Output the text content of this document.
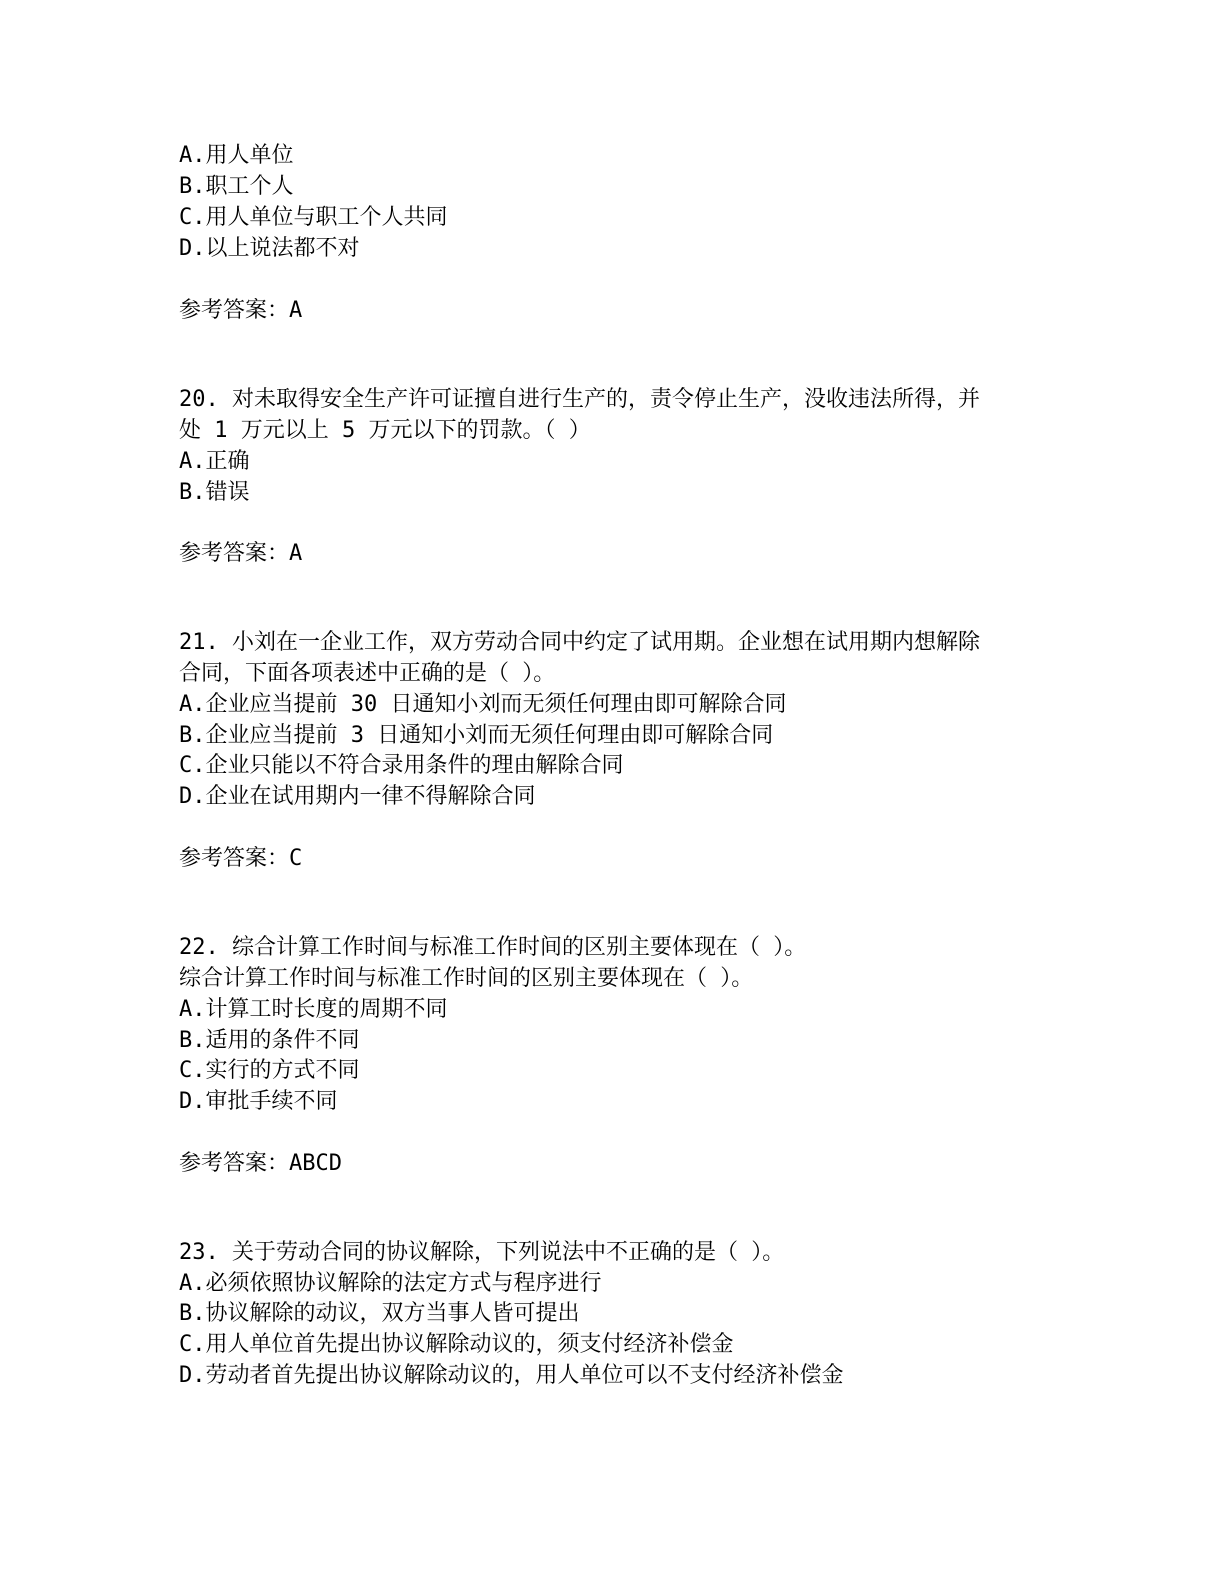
A.用人单位
B.职工个人
C.用人单位与职工个人共同
D.以上说法都不对
参考答案：A
20. 对未取得安全生产许可证擅自进行生产的，责令停止生产，没收违法所得，并
处 1 万元以上 5 万元以下的罚款。（ ）
A.正确
B.错误
参考答案：A
21. 小刘在一企业工作，双方劳动合同中约定了试用期。企业想在试用期内想解除
合同，下面各项表述中正确的是（ ）。
A.企业应当提前 30 日通知小刘而无须任何理由即可解除合同
B.企业应当提前 3 日通知小刘而无须任何理由即可解除合同
C.企业只能以不符合录用条件的理由解除合同
D.企业在试用期内一律不得解除合同
参考答案：C
22. 综合计算工作时间与标准工作时间的区别主要体现在（ ）。
综合计算工作时间与标准工作时间的区别主要体现在（ ）。
A.计算工时长度的周期不同
B.适用的条件不同
C.实行的方式不同
D.审批手续不同
参考答案：ABCD
23. 关于劳动合同的协议解除，下列说法中不正确的是（ ）。
A.必须依照协议解除的法定方式与程序进行
B.协议解除的动议，双方当事人皆可提出
C.用人单位首先提出协议解除动议的，须支付经济补偿金
D.劳动者首先提出协议解除动议的，用人单位可以不支付经济补偿金
